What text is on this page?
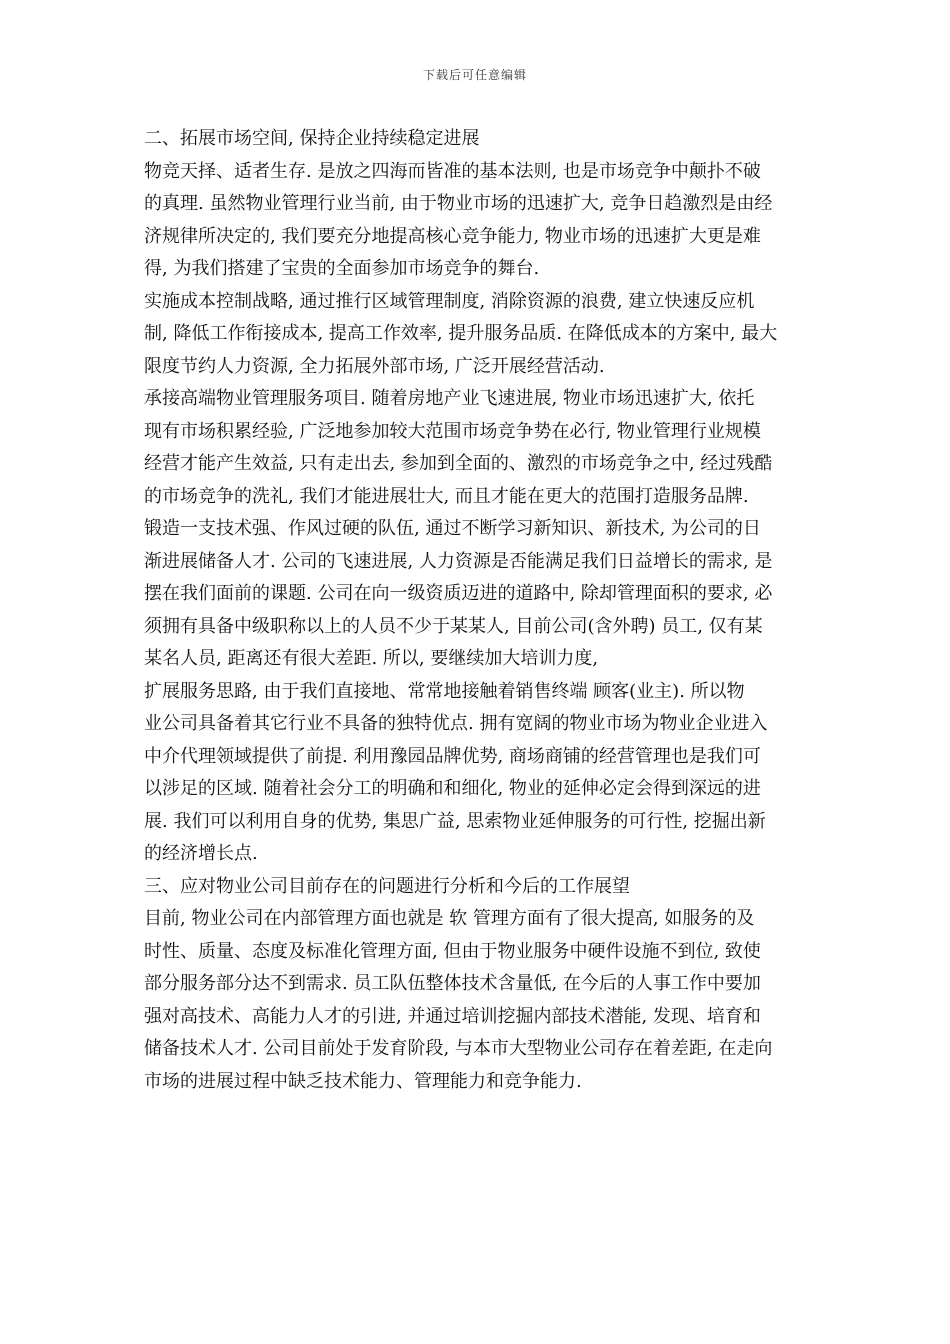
下载后可任意编辑
二、拓展市场空间, 保持企业持续稳定进展
物竞天择、适者生存. 是放之四海而皆准的基本法则, 也是市场竞争中颠扑不破
的真理. 虽然物业管理行业当前, 由于物业市场的迅速扩大, 竞争日趋激烈是由经
济规律所决定的, 我们要充分地提高核心竞争能力, 物业市场的迅速扩大更是难
得, 为我们搭建了宝贵的全面参加市场竞争的舞台.
实施成本控制战略, 通过推行区域管理制度, 消除资源的浪费, 建立快速反应机
制, 降低工作衔接成本, 提高工作效率, 提升服务品质. 在降低成本的方案中, 最大
限度节约人力资源, 全力拓展外部市场, 广泛开展经营活动.
承接高端物业管理服务项目. 随着房地产业飞速进展, 物业市场迅速扩大, 依托
现有市场积累经验, 广泛地参加较大范围市场竞争势在必行, 物业管理行业规模
经营才能产生效益, 只有走出去, 参加到全面的、激烈的市场竞争之中, 经过残酷
的市场竞争的洗礼, 我们才能进展壮大, 而且才能在更大的范围打造服务品牌.
锻造一支技术强、作风过硬的队伍, 通过不断学习新知识、新技术, 为公司的日
渐进展储备人才. 公司的飞速进展, 人力资源是否能满足我们日益增长的需求, 是
摆在我们面前的课题. 公司在向一级资质迈进的道路中, 除却管理面积的要求, 必
须拥有具备中级职称以上的人员不少于某某人, 目前公司(含外聘) 员工, 仅有某
某名人员, 距离还有很大差距. 所以, 要继续加大培训力度,
扩展服务思路, 由于我们直接地、常常地接触着销售终端 顾客(业主). 所以物
业公司具备着其它行业不具备的独特优点. 拥有宽阔的物业市场为物业企业进入
中介代理领域提供了前提. 利用豫园品牌优势, 商场商铺的经营管理也是我们可
以涉足的区域. 随着社会分工的明确和和细化, 物业的延伸必定会得到深远的进
展. 我们可以利用自身的优势, 集思广益, 思索物业延伸服务的可行性, 挖掘出新
的经济增长点.
三、应对物业公司目前存在的问题进行分析和今后的工作展望
目前, 物业公司在内部管理方面也就是 软 管理方面有了很大提高, 如服务的及
时性、质量、态度及标准化管理方面, 但由于物业服务中硬件设施不到位, 致使
部分服务部分达不到需求. 员工队伍整体技术含量低, 在今后的人事工作中要加
强对高技术、高能力人才的引进, 并通过培训挖掘内部技术潜能, 发现、培育和
储备技术人才. 公司目前处于发育阶段, 与本市大型物业公司存在着差距, 在走向
市场的进展过程中缺乏技术能力、管理能力和竞争能力.
